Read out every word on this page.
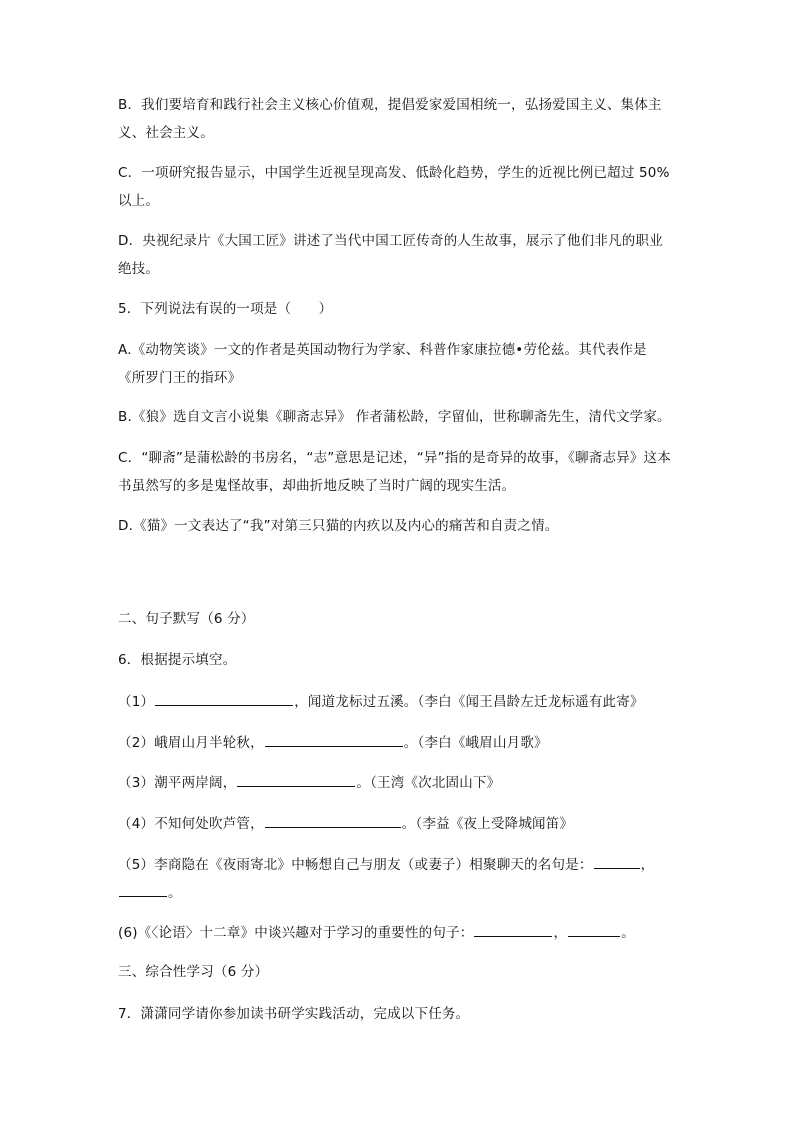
B．我们要培育和践行社会主义核心价值观，提倡爱家爱国相统一，弘扬爱国主义、集体主
义、社会主义。
C．一项研究报告显示，中国学生近视呈现高发、低龄化趋势，学生的近视比例已超过 50%
以上。
D．央视纪录片《大国工匠》讲述了当代中国工匠传奇的人生故事，展示了他们非凡的职业
绝技。
5．下列说法有误的一项是（　　）
A.《动物笑谈》一文的作者是英国动物行为学家、科普作家康拉德•劳伦兹。其代表作是
《所罗门王的指环》
B.《狼》选自文言小说集《聊斋志异》 作者蒲松龄，字留仙，世称聊斋先生，清代文学家。
C．“聊斋”是蒲松龄的书房名，“志”意思是记述，“异”指的是奇异的故事，《聊斋志异》这本
书虽然写的多是鬼怪故事，却曲折地反映了当时广阔的现实生活。
D.《猫》一文表达了“我”对第三只猫的内疚以及内心的痛苦和自责之情。
二、句子默写（6 分）
6．根据提示填空。
（1）	，闻道龙标过五溪。（李白《闻王昌龄左迁龙标遥有此寄》
（2）峨眉山月半轮秋，	。（李白《峨眉山月歌》
（3）潮平两岸阔，	。（王湾《次北固山下》
（4）不知何处吹芦管，	。（李益《夜上受降城闻笛》
（5）李商隐在《夜雨寄北》中畅想自己与朋友（或妻子）相聚聊天的名句是：	，
。
(6)《〈论语〉十二章》中谈兴趣对于学习的重要性的句子：	，	。
三、综合性学习（6 分）
7．潇潇同学请你参加读书研学实践活动，完成以下任务。
